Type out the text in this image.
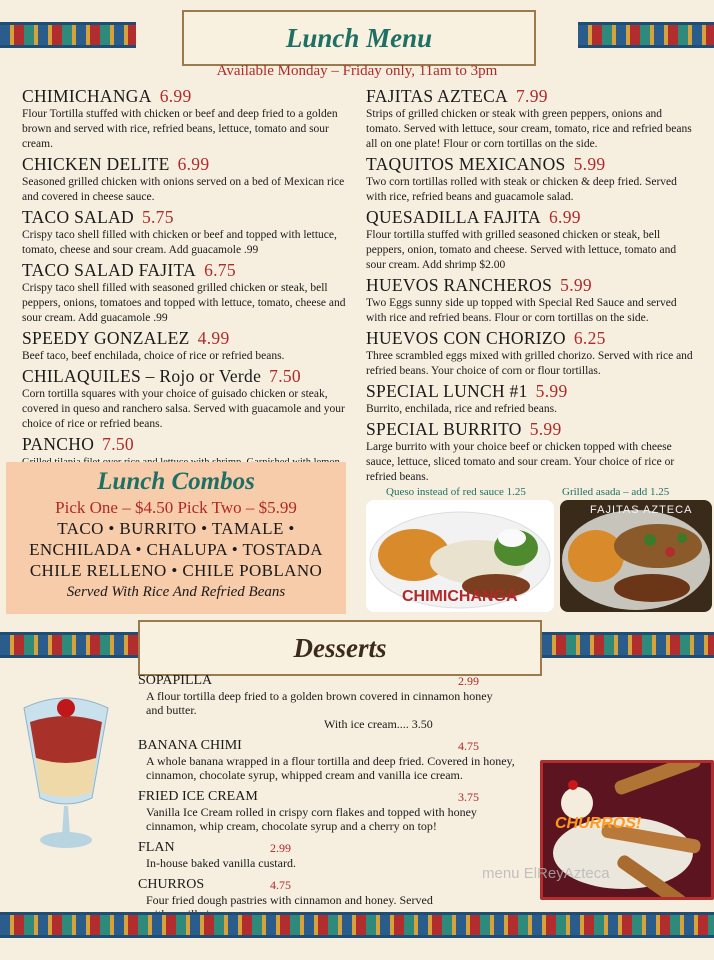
Lunch Menu
Available Monday – Friday only, 11am to 3pm
CHIMICHANGA 6.99
Flour Tortilla stuffed with chicken or beef and deep fried to a golden brown and served with rice, refried beans, lettuce, tomato and sour cream.
CHICKEN DELITE 6.99
Seasoned grilled chicken with onions served on a bed of Mexican rice and covered in cheese sauce.
TACO SALAD 5.75
Crispy taco shell filled with chicken or beef and topped with lettuce, tomato, cheese and sour cream. Add guacamole .99
TACO SALAD FAJITA 6.75
Crispy taco shell filled with seasoned grilled chicken or steak, bell peppers, onions, tomatoes and topped with lettuce, tomato, cheese and sour cream. Add guacamole .99
SPEEDY GONZALEZ 4.99
Beef taco, beef enchilada, choice of rice or refried beans.
CHILAQUILES – Rojo or Verde 7.50
Corn tortilla squares with your choice of guisado chicken or steak, covered in queso and ranchero salsa. Served with guacamole and your choice of rice or refried beans.
PANCHO 7.50
FAJITAS AZTECA 7.99
Strips of grilled chicken or steak with green peppers, onions and tomato. Served with lettuce, sour cream, tomato, rice and refried beans all on one plate! Flour or corn tortillas on the side.
TAQUITOS MEXICANOS 5.99
Two corn tortillas rolled with steak or chicken & deep fried. Served with rice, refried beans and guacamole salad.
QUESADILLA FAJITA 6.99
Flour tortilla stuffed with grilled seasoned chicken or steak, bell peppers, onion, tomato and cheese. Served with lettuce, tomato and sour cream. Add shrimp $2.00
HUEVOS RANCHEROS 5.99
Two Eggs sunny side up topped with Special Red Sauce and served with rice and refried beans. Flour or corn tortillas on the side.
HUEVOS CON CHORIZO 6.25
Three scrambled eggs mixed with grilled chorizo. Served with rice and refried beans. Your choice of corn or flour tortillas.
SPECIAL LUNCH #1 5.99
Burrito, enchilada, rice and refried beans.
SPECIAL BURRITO 5.99
Large burrito with your choice beef or chicken topped with cheese sauce, lettuce, sliced tomato and sour cream. Your choice of rice or refried beans.
Lunch Combos
Pick One – $4.50 Pick Two – $5.99
TACO • BURRITO • TAMALE •
ENCHILADA • CHALUPA • TOSTADA
CHILE RELLENO • CHILE POBLANO
Served With Rice And Refried Beans
Queso instead of red sauce 1.25	Grilled asada – add 1.25
CHIMICHANGA
FAJITAS AZTECA
Desserts
SOPAPILLA	2.99
A flour tortilla deep fried to a golden brown covered in cinnamon honey and butter.
With ice cream.... 3.50
BANANA CHIMI	4.75
A whole banana wrapped in a flour tortilla and deep fried. Covered in honey, cinnamon, chocolate syrup, whipped cream and vanilla ice cream.
FRIED ICE CREAM	3.75
Vanilla Ice Cream rolled in crispy corn flakes and topped with honey cinnamon, whip cream, chocolate syrup and a cherry on top!
FLAN	2.99
In-house baked vanilla custard.
CHURROS	4.75
Four fried dough pastries with cinnamon and honey. Served
CHURROS!
menu ElReyAzteca
